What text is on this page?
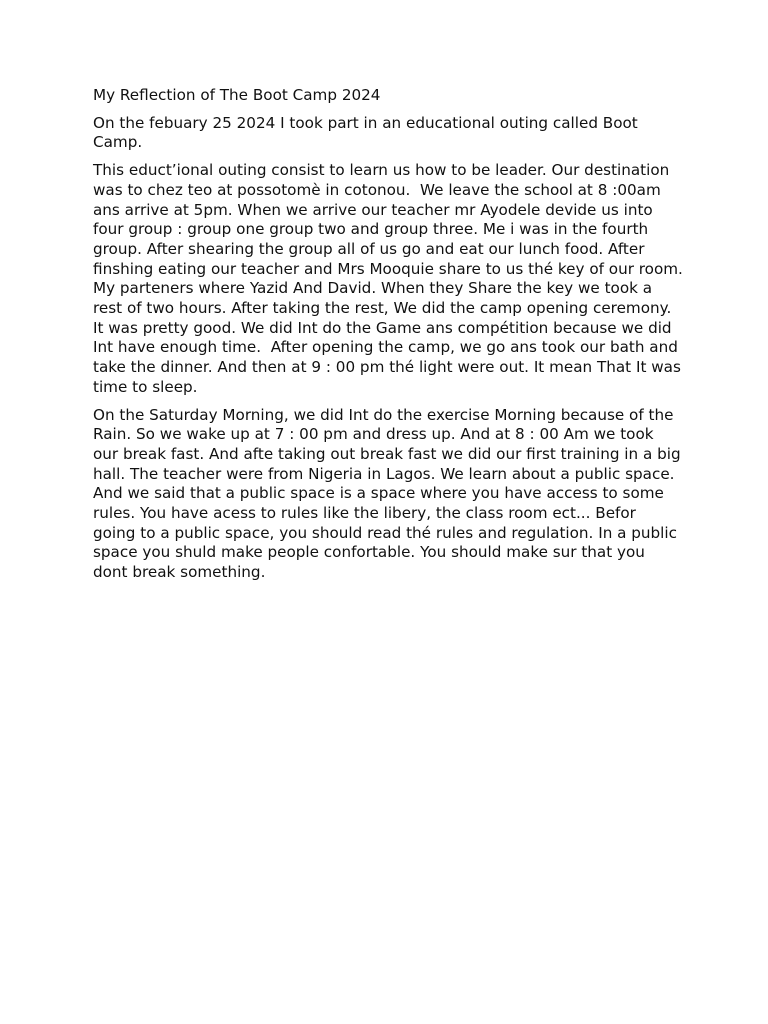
My Reflection of The Boot Camp 2024

On the febuary 25 2024 I took part in an educational outing called Boot Camp.

This educt’ional outing consist to learn us how to be leader. Our destination was to chez teo at possotomè in cotonou.  We leave the school at 8 :00am ans arrive at 5pm. When we arrive our teacher mr Ayodele devide us into four group : group one group two and group three. Me i was in the fourth group. After shearing the group all of us go and eat our lunch food. After finshing eating our teacher and Mrs Mooquie share to us thé key of our room. My parteners where Yazid And David. When they Share the key we took a rest of two hours. After taking the rest, We did the camp opening ceremony. It was pretty good. We did Int do the Game ans compétition because we did Int have enough time.  After opening the camp, we go ans took our bath and take the dinner. And then at 9 : 00 pm thé light were out. It mean That It was time to sleep.

On the Saturday Morning, we did Int do the exercise Morning because of the Rain. So we wake up at 7 : 00 pm and dress up. And at 8 : 00 Am we took our break fast. And afte taking out break fast we did our first training in a big hall. The teacher were from Nigeria in Lagos. We learn about a public space. And we said that a public space is a space where you have access to some rules. You have acess to rules like the libery, the class room ect... Befor going to a public space, you should read thé rules and regulation. In a public space you shuld make people confortable. You should make sur that you dont break something.
